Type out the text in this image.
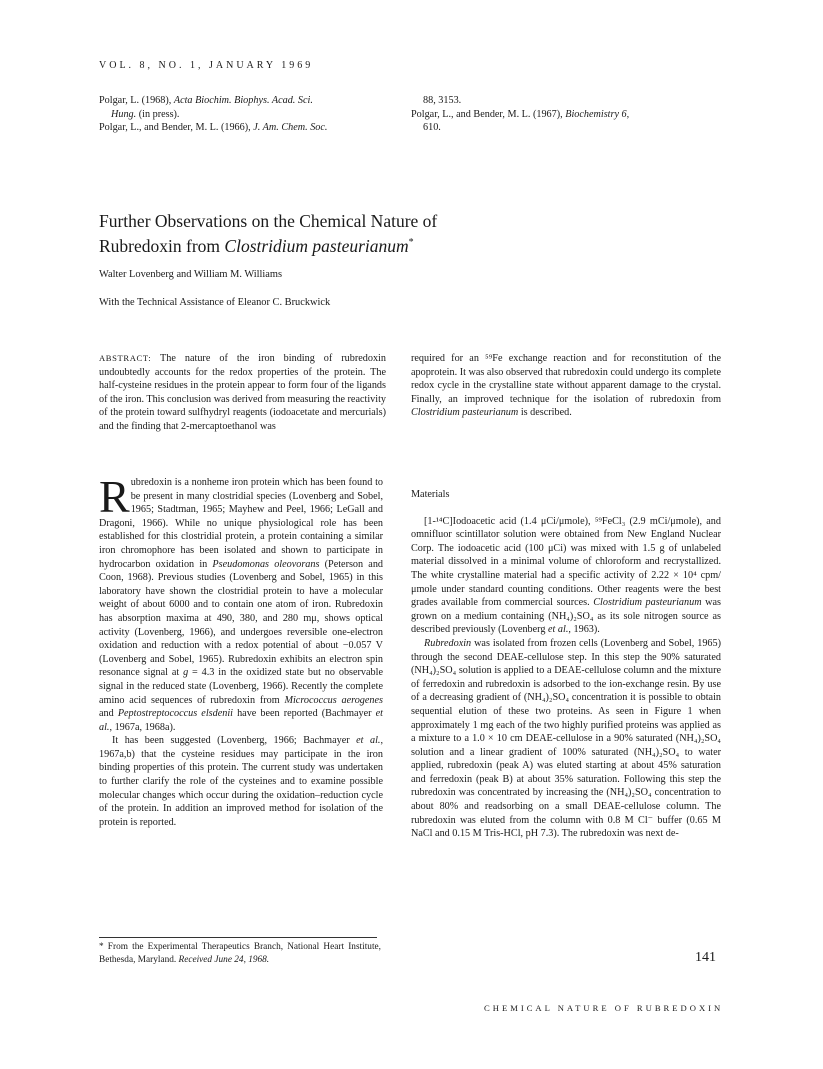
VOL. 8, NO. 1, JANUARY 1969

Polgar, L. (1968), Acta Biochim. Biophys. Acad. Sci.

Hung. (in press).

Polgar, L., and Bender, M. L. (1966), J. Am. Chem. Soc.

88, 3153.

Polgar, L., and Bender, M. L. (1967), Biochemistry 6,

610.

Further Observations on the Chemical Nature of
Rubredoxin from Clostridium pasteurianum*
Walter Lovenberg and William M. Williams
With the Technical Assistance of Eleanor C. Bruckwick
ABSTRACT: The nature of the iron binding of rubredoxin undoubtedly accounts for the redox properties of the protein. The half-cysteine residues in the protein appear to form four of the ligands of the iron. This conclusion was derived from measuring the reactivity of the protein toward sulfhydryl reagents (iodoacetate and mercurials) and the finding that 2-mercaptoethanol was
required for an ⁵⁹Fe exchange reaction and for reconstitution of the apoprotein. It was also observed that rubredoxin could undergo its complete redox cycle in the crystalline state without apparent damage to the crystal. Finally, an improved technique for the isolation of rubredoxin from Clostridium pasteurianum is described.

Rubredoxin is a nonheme iron protein which has been found to be present in many clostridial species (Lovenberg and Sobel, 1965; Stadtman, 1965; Mayhew and Peel, 1966; LeGall and Dragoni, 1966). While no unique physiological role has been established for this clostridial protein, a protein containing a similar iron chromophore has been isolated and shown to participate in hydrocarbon oxidation in Pseudomonas oleovorans (Peterson and Coon, 1968). Previous studies (Lovenberg and Sobel, 1965) in this laboratory have shown the clostridial protein to have a molecular weight of about 6000 and to contain one atom of iron. Rubredoxin has absorption maxima at 490, 380, and 280 mμ, shows optical activity (Lovenberg, 1966), and undergoes reversible one-electron oxidation and reduction with a redox potential of about −0.057 V (Lovenberg and Sobel, 1965). Rubredoxin exhibits an electron spin resonance signal at g = 4.3 in the oxidized state but no observable signal in the reduced state (Lovenberg, 1966). Recently the complete amino acid sequences of rubredoxin from Micrococcus aerogenes and Peptostreptococcus elsdenii have been reported (Bachmayer et al., 1967a, 1968a).

It has been suggested (Lovenberg, 1966; Bachmayer et al., 1967a,b) that the cysteine residues may participate in the iron binding properties of this protein. The current study was undertaken to further clarify the role of the cysteines and to examine possible molecular changes which occur during the oxidation–reduction cycle of the protein. In addition an improved method for isolation of the protein is reported.

* From the Experimental Therapeutics Branch, National Heart Institute, Bethesda, Maryland. Received June 24, 1968.

Materials

[1-¹⁴C]Iodoacetic acid (1.4 μCi/μmole), ⁵⁹FeCl₃ (2.9 mCi/μmole), and omnifluor scintillator solution were obtained from New England Nuclear Corp. The iodoacetic acid (100 μCi) was mixed with 1.5 g of unlabeled material dissolved in a minimal volume of chloroform and recrystallized. The white crystalline material had a specific activity of 2.22 × 10⁴ cpm/μmole under standard counting conditions. Other reagents were the best grades available from commercial sources. Clostridium pasteurianum was grown on a medium containing (NH₄)₂SO₄ as its sole nitrogen source as described previously (Lovenberg et al., 1963).

Rubredoxin was isolated from frozen cells (Lovenberg and Sobel, 1965) through the second DEAE-cellulose step. In this step the 90% saturated (NH₄)₂SO₄ solution is applied to a DEAE-cellulose column and the mixture of ferredoxin and rubredoxin is adsorbed to the ion-exchange resin. By use of a decreasing gradient of (NH₄)₂SO₄ concentration it is possible to obtain sequential elution of these two proteins. As seen in Figure 1 when approximately 1 mg each of the two highly purified proteins was applied as a mixture to a 1.0 × 10 cm DEAE-cellulose in a 90% saturated (NH₄)₂SO₄ solution and a linear gradient of 100% saturated (NH₄)₂SO₄ to water applied, rubredoxin (peak A) was eluted starting at about 45% saturation and ferredoxin (peak B) at about 35% saturation. Following this step the rubredoxin was concentrated by increasing the (NH₄)₂SO₄ concentration to about 80% and readsorbing on a small DEAE-cellulose column. The rubredoxin was eluted from the column with 0.8 M Cl⁻ buffer (0.65 M NaCl and 0.15 M Tris-HCl, pH 7.3). The rubredoxin was next de-

141
CHEMICAL NATURE OF RUBREDOXIN
